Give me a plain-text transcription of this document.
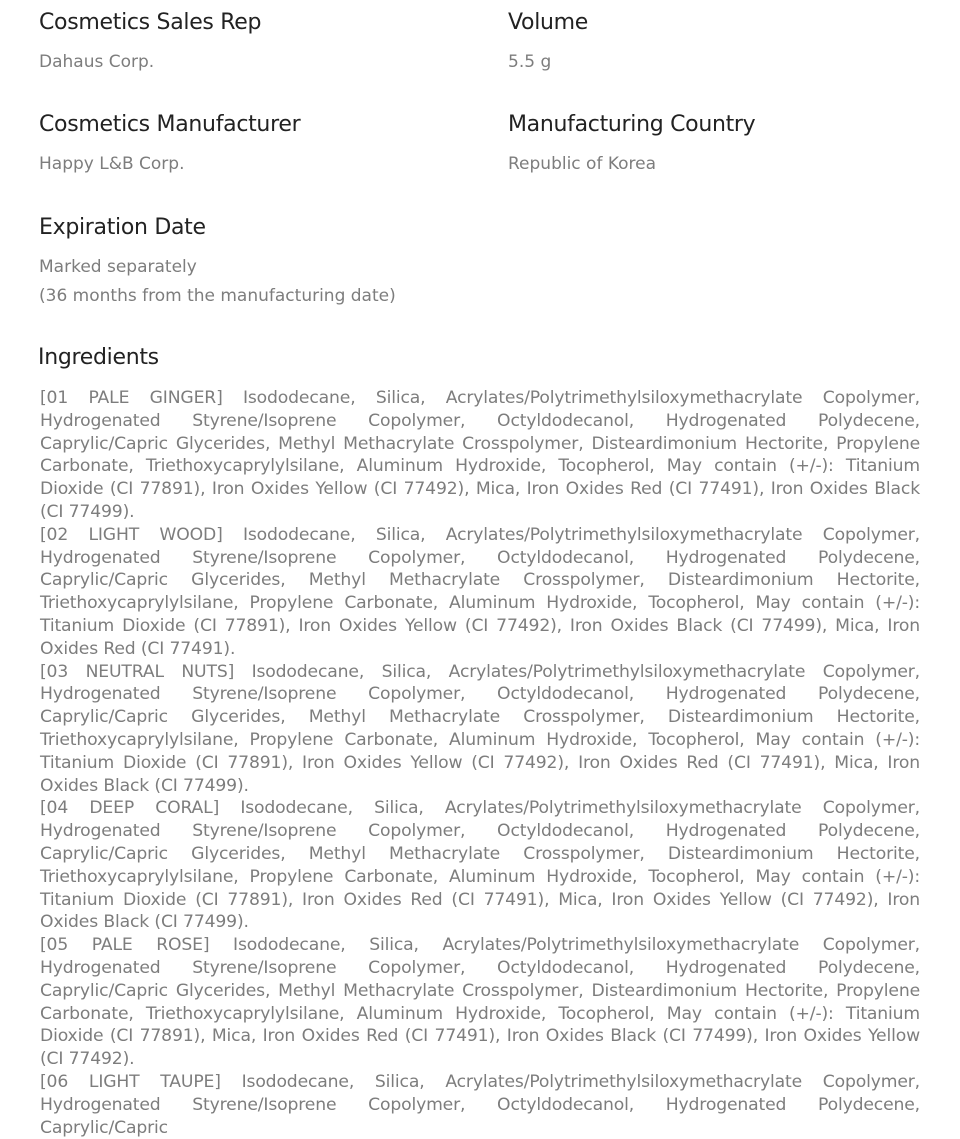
Cosmetics Sales Rep
Dahaus Corp.
Volume
5.5 g
Cosmetics Manufacturer
Happy L&B Corp.
Manufacturing Country
Republic of Korea
Expiration Date
Marked separately
(36 months from the manufacturing date)
Ingredients

[01 PALE GINGER] Isododecane, Silica, Acrylates/Polytrimethylsiloxymethacrylate Copolymer, Hydrogenated Styrene/Isoprene Copolymer, Octyldodecanol, Hydrogenated Polydecene, Caprylic/Capric Glycerides, Methyl Methacrylate Crosspolymer, Disteardimonium Hectorite, Propylene Carbonate, Triethoxycaprylylsilane, Aluminum Hydroxide, Tocopherol, May contain (+/-): Titanium Dioxide (CI 77891), Iron Oxides Yellow (CI 77492), Mica, Iron Oxides Red (CI 77491), Iron Oxides Black (CI 77499).

[02 LIGHT WOOD] Isododecane, Silica, Acrylates/Polytrimethylsiloxymethacrylate Copolymer, Hydrogenated Styrene/Isoprene Copolymer, Octyldodecanol, Hydrogenated Polydecene, Caprylic/Capric Glycerides, Methyl Methacrylate Crosspolymer, Disteardimonium Hectorite, Triethoxycaprylylsilane, Propylene Carbonate, Aluminum Hydroxide, Tocopherol, May contain (+/-): Titanium Dioxide (CI 77891), Iron Oxides Yellow (CI 77492), Iron Oxides Black (CI 77499), Mica, Iron Oxides Red (CI 77491).

[03 NEUTRAL NUTS] Isododecane, Silica, Acrylates/Polytrimethylsiloxymethacrylate Copolymer, Hydrogenated Styrene/Isoprene Copolymer, Octyldodecanol, Hydrogenated Polydecene, Caprylic/Capric Glycerides, Methyl Methacrylate Crosspolymer, Disteardimonium Hectorite, Triethoxycaprylylsilane, Propylene Carbonate, Aluminum Hydroxide, Tocopherol, May contain (+/-): Titanium Dioxide (CI 77891), Iron Oxides Yellow (CI 77492), Iron Oxides Red (CI 77491), Mica, Iron Oxides Black (CI 77499).

[04 DEEP CORAL] Isododecane, Silica, Acrylates/Polytrimethylsiloxymethacrylate Copolymer, Hydrogenated Styrene/Isoprene Copolymer, Octyldodecanol, Hydrogenated Polydecene, Caprylic/Capric Glycerides, Methyl Methacrylate Crosspolymer, Disteardimonium Hectorite, Triethoxycaprylylsilane, Propylene Carbonate, Aluminum Hydroxide, Tocopherol, May contain (+/-): Titanium Dioxide (CI 77891), Iron Oxides Red (CI 77491), Mica, Iron Oxides Yellow (CI 77492), Iron Oxides Black (CI 77499).

[05 PALE ROSE] Isododecane, Silica, Acrylates/Polytrimethylsiloxymethacrylate Copolymer, Hydrogenated Styrene/Isoprene Copolymer, Octyldodecanol, Hydrogenated Polydecene, Caprylic/Capric Glycerides, Methyl Methacrylate Crosspolymer, Disteardimonium Hectorite, Propylene Carbonate, Triethoxycaprylylsilane, Aluminum Hydroxide, Tocopherol, May contain (+/-): Titanium Dioxide (CI 77891), Mica, Iron Oxides Red (CI 77491), Iron Oxides Black (CI 77499), Iron Oxides Yellow (CI 77492).

[06 LIGHT TAUPE] Isododecane, Silica, Acrylates/Polytrimethylsiloxymethacrylate Copolymer, Hydrogenated Styrene/Isoprene Copolymer, Octyldodecanol, Hydrogenated Polydecene, Caprylic/Capric
